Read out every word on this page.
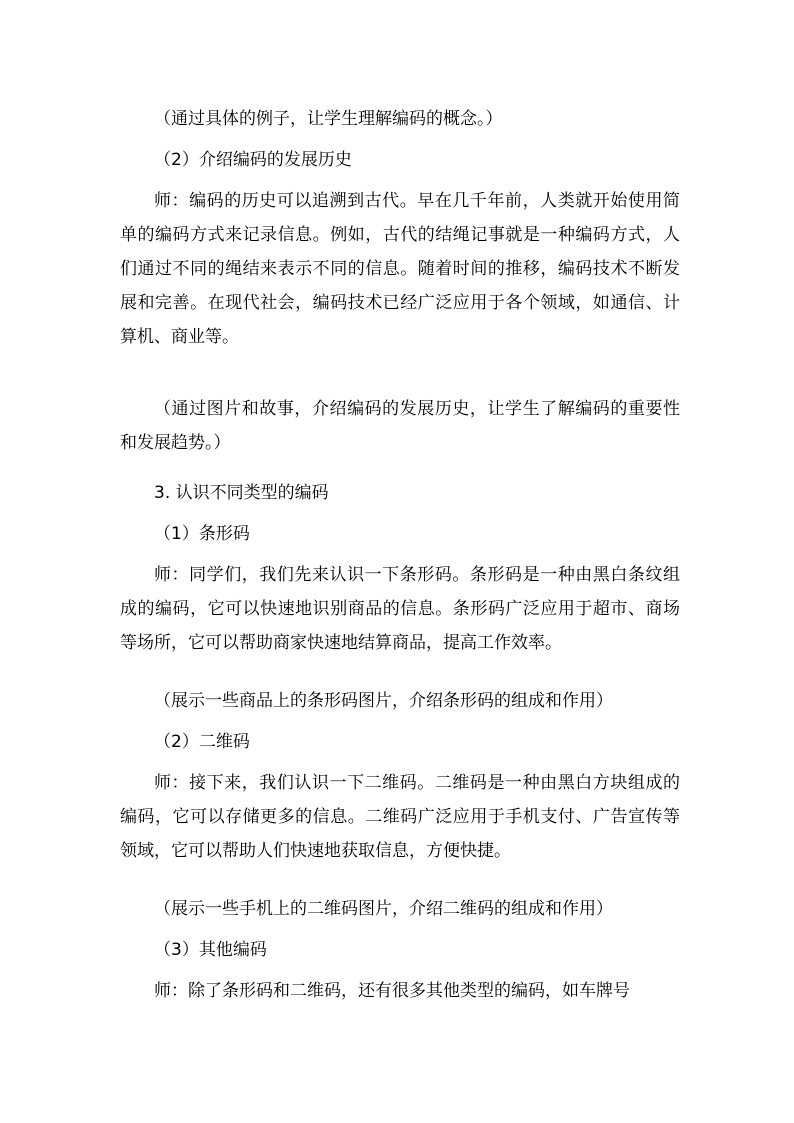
（通过具体的例子，让学生理解编码的概念。）

（2）介绍编码的发展历史

师：编码的历史可以追溯到古代。早在几千年前，人类就开始使用简单的编码方式来记录信息。例如，古代的结绳记事就是一种编码方式，人们通过不同的绳结来表示不同的信息。随着时间的推移，编码技术不断发展和完善。在现代社会，编码技术已经广泛应用于各个领域，如通信、计算机、商业等。

（通过图片和故事，介绍编码的发展历史，让学生了解编码的重要性和发展趋势。）

3. 认识不同类型的编码

（1）条形码

师：同学们，我们先来认识一下条形码。条形码是一种由黑白条纹组成的编码，它可以快速地识别商品的信息。条形码广泛应用于超市、商场等场所，它可以帮助商家快速地结算商品，提高工作效率。

（展示一些商品上的条形码图片，介绍条形码的组成和作用）

（2）二维码

师：接下来，我们认识一下二维码。二维码是一种由黑白方块组成的编码，它可以存储更多的信息。二维码广泛应用于手机支付、广告宣传等领域，它可以帮助人们快速地获取信息，方便快捷。

（展示一些手机上的二维码图片，介绍二维码的组成和作用）

（3）其他编码

师：除了条形码和二维码，还有很多其他类型的编码，如车牌号
